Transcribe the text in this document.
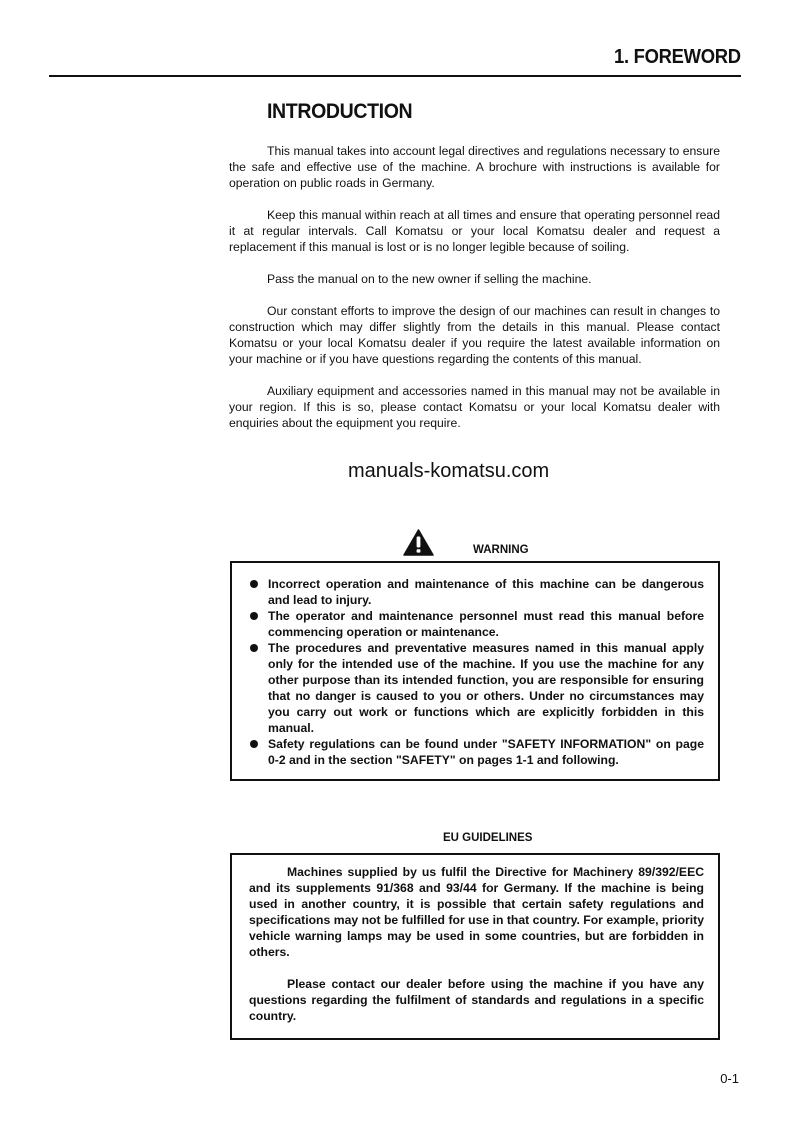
1. FOREWORD
INTRODUCTION

This manual takes into account legal directives and regulations necessary to ensure the safe and effective use of the machine. A brochure with instructions is available for operation on public roads in Germany.

Keep this manual within reach at all times and ensure that operating personnel read it at regular intervals. Call Komatsu or your local Komatsu dealer and request a replacement if this manual is lost or is no longer legible because of soiling.

Pass the manual on to the new owner if selling the machine.

Our constant efforts to improve the design of our machines can result in changes to construction which may differ slightly from the details in this manual. Please contact Komatsu or your local Komatsu dealer if you require the latest available information on your machine or if you have questions regarding the contents of this manual.

Auxiliary equipment and accessories named in this manual may not be available in your region. If this is so, please contact Komatsu or your local Komatsu dealer with enquiries about the equipment you require.

manuals-komatsu.com
WARNING
Incorrect operation and maintenance of this machine can be dangerous and lead to injury.
The operator and maintenance personnel must read this manual before commencing operation or maintenance.
The procedures and preventative measures named in this manual apply only for the intended use of the machine. If you use the machine for any other purpose than its intended function, you are responsible for ensuring that no danger is caused to you or others. Under no circumstances may you carry out work or functions which are explicitly forbidden in this manual.
Safety regulations can be found under "SAFETY INFORMATION" on page 0-2 and in the section "SAFETY" on pages 1-1 and following.
EU GUIDELINES

Machines supplied by us fulfil the Directive for Machinery 89/392/EEC and its supplements 91/368 and 93/44 for Germany. If the machine is being used in another country, it is possible that certain safety regulations and specifications may not be fulfilled for use in that country. For example, priority vehicle warning lamps may be used in some countries, but are forbidden in others.

Please contact our dealer before using the machine if you have any questions regarding the fulfilment of standards and regulations in a specific country.

0-1
